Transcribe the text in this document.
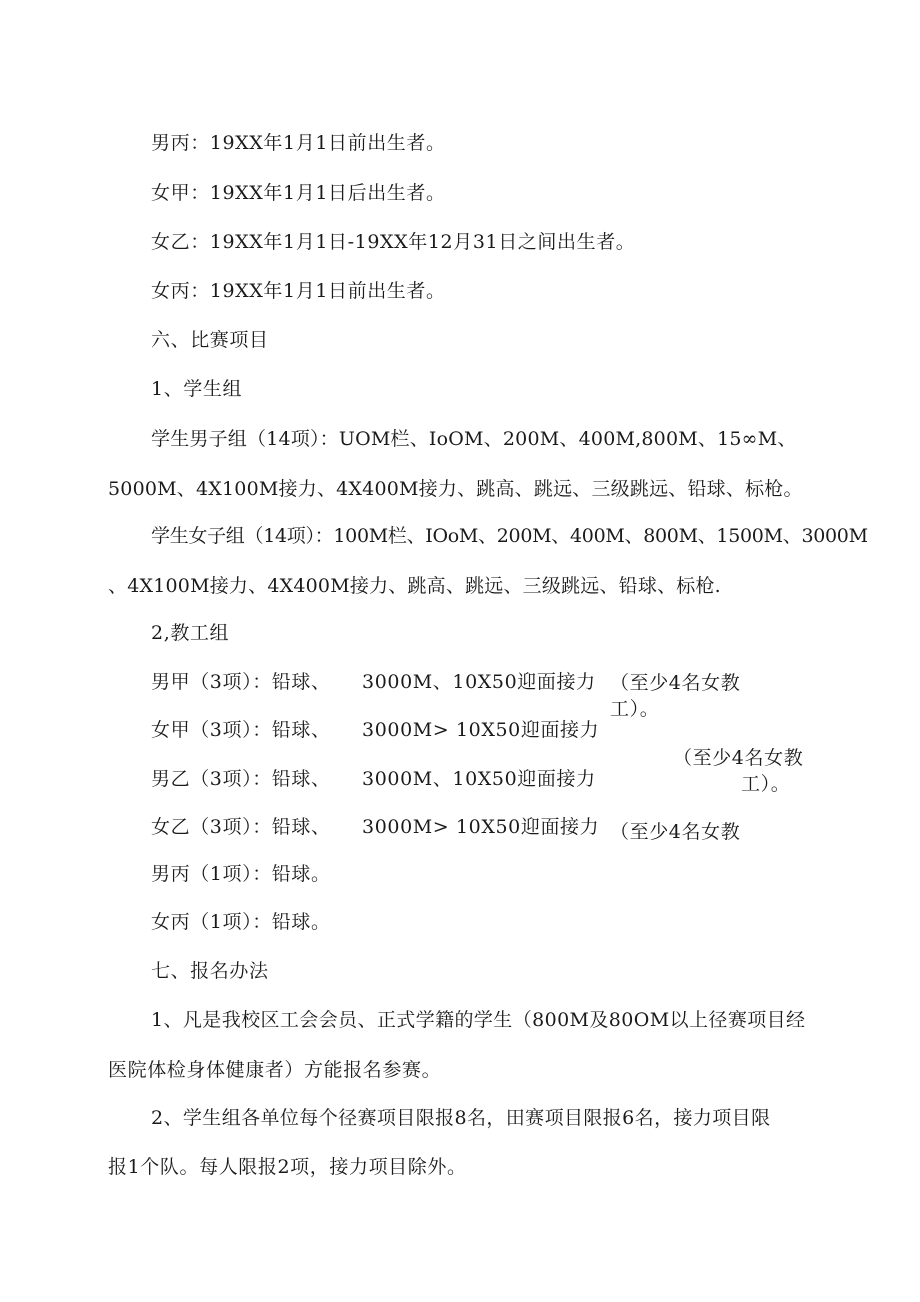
男丙：19XX年1月1日前出生者。
女甲：19XX年1月1日后出生者。
女乙：19XX年1月1日-19XX年12月31日之间出生者。
女丙：19XX年1月1日前出生者。
六、比赛项目
1、学生组
学生男子组（14项）：UOM栏、IoOM、200M、400M,800M、15∞M、
5000M、4X100M接力、4X400M接力、跳高、跳远、三级跳远、铅球、标枪。
学生女子组（14项）：100M栏、IOoM、200M、400M、800M、1500M、3000M
、4X100M接力、4X400M接力、跳高、跳远、三级跳远、铅球、标枪.
2,教工组
男甲（3项）：铅球、 3000M、10X50迎面接力
女甲（3项）：铅球、 3000M> 10X50迎面接力
男乙（3项）：铅球、 3000M、10X50迎面接力
女乙（3项）：铅球、 3000M> 10X50迎面接力
男丙（1项）：铅球。
女丙（1项）：铅球。
（至少4名女教
工）。
（至少4名女教
工）。
（至少4名女教
七、报名办法
1、凡是我校区工会会员、正式学籍的学生（800M及80OM以上径赛项目经
医院体检身体健康者）方能报名参赛。
2、学生组各单位每个径赛项目限报8名，田赛项目限报6名，接力项目限
报1个队。每人限报2项，接力项目除外。
